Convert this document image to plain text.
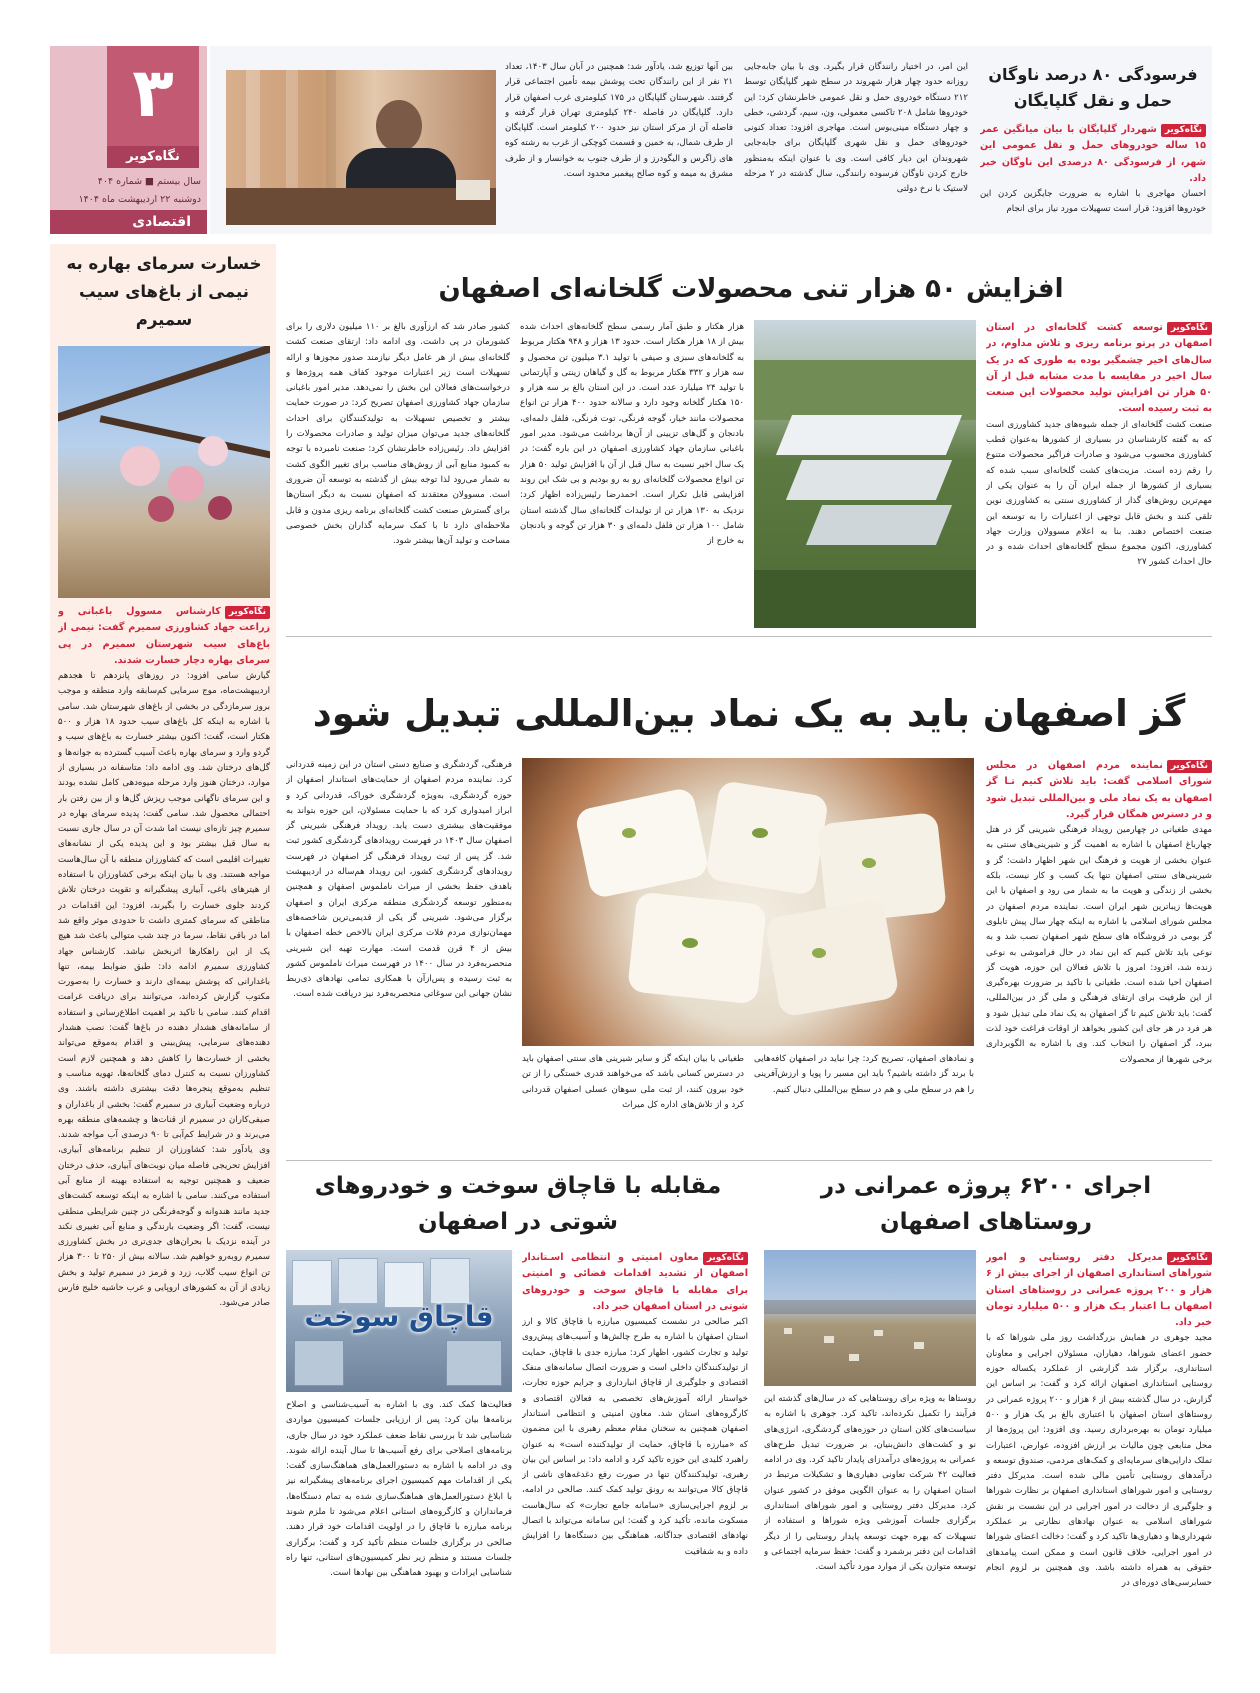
۳
نگاه‌کویر
سال بیستم ■ شماره ۴۰۴
دوشنبه ۲۲ اردیبهشت ماه ۱۴۰۴
اقتصادی
فرسودگی ۸۰ درصد ناوگان حمل و نقل گلپایگان
نگاه‌کویرشهردار گلپایگان با بیان میانگین عمر ۱۵ ساله خودروهای حمل و نقل عمومی این شهر، از فرسودگی ۸۰ درصدی این ناوگان خبر داد.

احسان مهاجری با اشاره به ضرورت جایگزین کردن این خودروها افزود: قرار است تسهیلات مورد نیاز برای انجام

این امر، در اختیار رانندگان قرار بگیرد. وی با بیان جابه‌جایی روزانه حدود چهار هزار شهروند در سطح شهر گلپایگان توسط ۲۱۲ دستگاه خودروی حمل و نقل عمومی خاطرنشان کرد: این خودروها شامل ۲۰۸ تاکسی معمولی، ون، سیم، گردشی، خطی و چهار دستگاه مینی‌بوس است. مهاجری افزود: تعداد کنونی خودروهای حمل و نقل شهری گلپایگان برای جابه‌جایی شهروندان این دیار کافی است. وی با عنوان اینکه به‌منظور خارج کردن ناوگان فرسوده رانندگی، سال گذشته در ۲ مرحله لاستیک با نرخ دولتی
بین آنها توزیع شد، یادآور شد: همچنین در آبان سال ۱۴۰۳، تعداد ۲۱ نفر از این رانندگان تحت پوشش بیمه تأمین اجتماعی قرار گرفتند. شهرستان گلپایگان در ۱۷۵ کیلومتری غرب اصفهان قرار دارد. گلپایگان در فاصله ۲۴۰ کیلومتری تهران قرار گرفته و فاصله آن از مرکز استان نیز حدود ۲۰۰ کیلومتر است. گلپایگان از طرف شمال، به خمین و قسمت کوچکی از غرب به رشته کوه های زاگرس و الیگودرز و از طرف جنوب به خوانسار و از طرف مشرق به میمه و کوه صالح پیغمبر محدود است.
خسارت سرمای بهاره به نیمی از باغ‌های سیب سمیرم
نگاه‌کویرکارشناس مسوول باغبانی و زراعت جهاد کشاورزی سمیرم گفت: نیمی از باغ‌های سیب شهرستان سمیرم در پی سرمای بهاره دچار خسارت شدند.

گیارش سامی افزود: در روزهای پانزدهم تا هجدهم اردیبهشت‌ماه، موج سرمایی کم‌سابقه وارد منطقه و موجب بروز سرمازدگی در بخشی از باغ‌های شهرستان شد. سامی با اشاره به اینکه کل باغ‌های سیب حدود ۱۸ هزار و ۵۰۰ هکتار است، گفت: اکنون بیشتر خسارت به باغ‌های سیب و گردو وارد و سرمای بهاره باعث آسیب گسترده به جوانه‌ها و گل‌های درختان شد. وی ادامه داد: متاسفانه در بسیاری از موارد، درختان هنوز وارد مرحله میوه‌دهی کامل نشده بودند و این سرمای ناگهانی موجب ریزش گل‌ها و از بین رفتن بار احتمالی محصول شد. سامی گفت: پدیده سرمای بهاره در سمیرم چیز تازه‌ای نیست اما شدت آن در سال جاری نسبت به سال قبل بیشتر بود و این پدیده یکی از نشانه‌های تغییرات اقلیمی است که کشاورزان منطقه با آن سال‌هاست مواجه هستند. وی با بیان اینکه برخی کشاورزان با استفاده از هیترهای باغی، آبیاری پیشگیرانه و تقویت درختان تلاش کردند جلوی خسارت را بگیرند، افزود: این اقدامات در مناطقی که سرمای کمتری داشت تا حدودی موثر واقع شد اما در باقی نقاط، سرما در چند شب متوالی باعث شد هیچ یک از این راهکارها اثربخش نباشد. کارشناس جهاد کشاورزی سمیرم ادامه داد: طبق ضوابط بیمه، تنها باغدارانی که پوشش بیمه‌ای دارند و خسارت را به‌صورت مکتوب گزارش کرده‌اند، می‌توانند برای دریافت غرامت اقدام کنند. سامی با تاکید بر اهمیت اطلاع‌رسانی و استفاده از سامانه‌های هشدار دهنده در باغ‌ها گفت: نصب هشدار دهنده‌های سرمایی، پیش‌بینی و اقدام به‌موقع می‌تواند بخشی از خسارت‌ها را کاهش دهد و همچنین لازم است کشاورزان نسبت به کنترل دمای گلخانه‌ها، تهویه مناسب و تنظیم به‌موقع پنجره‌ها دقت بیشتری داشته باشند. وی درباره وضعیت آبیاری در سمیرم گفت: بخشی از باغداران و صیفی‌کاران در سمیرم از قنات‌ها و چشمه‌های منطقه بهره می‌برند و در شرایط کم‌آبی تا ۹۰ درصدی آب مواجه شدند. وی یادآور شد: کشاورزان از تنظیم برنامه‌های آبیاری، افزایش تحریجی فاصله میان نوبت‌های آبیاری، حذف درختان ضعیف و همچنین توجیه به استفاده بهینه از منابع آبی استفاده می‌کنند. سامی با اشاره به اینکه توسعه کشت‌های جدید مانند هندوانه و گوجه‌فرنگی در چنین شرایطی منطقی نیست، گفت: اگر وضعیت بارندگی و منابع آبی تغییری نکند در آینده نزدیک با بحران‌های جدی‌تری در بخش کشاورزی سمیرم روبه‌رو خواهیم شد. سالانه بیش از ۲۵۰ تا ۳۰۰ هزار تن انواع سیب گلاب، زرد و قرمز در سمیرم تولید و بخش زیادی از آن به کشورهای اروپایی و عرب حاشیه خلیج فارس صادر می‌شود.

افزایش ۵۰ هزار تنی محصولات گلخانه‌ای اصفهان
نگاه‌کویرتوسعه کشت گلخانه‌ای در استان اصفهان در پرتو برنامه ریزی و تلاش مداوم، در سال‌های اخیر چشمگیر بوده به طوری که در یک سال اخیر در مقایسه با مدت مشابه قبل از آن ۵۰ هزار تن افزایش تولید محصولات این صنعت به ثبت رسیده است.

صنعت کشت گلخانه‌ای از جمله شیوه‌های جدید کشاورزی است که به گفته کارشناسان در بسیاری از کشورها به‌عنوان قطب کشاورزی محسوب می‌شود و صادرات فراگیر محصولات متنوع را رقم زده است. مزیت‌های کشت گلخانه‌ای سبب شده که بسیاری از کشورها از جمله ایران آن را به عنوان یکی از مهم‌ترین روش‌های گذار از کشاورزی سنتی به کشاورزی نوین تلقی کنند و بخش قابل توجهی از اعتبارات را به توسعه این صنعت اختصاص دهند. بنا به اعلام مسوولان وزارت جهاد کشاورزی، اکنون مجموع سطح گلخانه‌های احداث شده و در حال احداث کشور ۲۷

هزار هکتار و طبق آمار رسمی سطح گلخانه‌های احداث شده بیش از ۱۸ هزار هکتار است. حدود ۱۳ هزار و ۹۴۸ هکتار مربوط به گلخانه‌های سبزی و صیفی با تولید ۳.۱ میلیون تن محصول و سه هزار و ۳۳۲ هکتار مربوط به گل و گیاهان زینتی و آپارتمانی با تولید ۲۴ میلیارد عدد است. در این استان بالغ بر سه هزار و ۱۵۰ هکتار گلخانه وجود دارد و سالانه حدود ۴۰۰ هزار تن انواع محصولات مانند خیار، گوجه فرنگی، توت فرنگی، فلفل دلمه‌ای، بادنجان و گل‌های تزیینی از آن‌ها برداشت می‌شود. مدیر امور باغبانی سازمان جهاد کشاورزی اصفهان در این باره گفت: در یک سال اخیر نسبت به سال قبل از آن با افزایش تولید ۵۰ هزار تن انواع محصولات گلخانه‌ای رو به رو بودیم و بی شک این روند افزایشی قابل تکرار است. احمدرضا رئیس‌زاده اظهار کرد: نزدیک به ۱۳۰ هزار تن از تولیدات گلخانه‌ای سال گذشته استان شامل ۱۰۰ هزار تن فلفل دلمه‌ای و ۳۰ هزار تن گوجه و بادنجان به خارج از
کشور صادر شد که ارزآوری بالغ بر ۱۱۰ میلیون دلاری را برای کشورمان در پی داشت. وی ادامه داد: ارتقای صنعت کشت گلخانه‌ای بیش از هر عامل دیگر نیازمند صدور مجوزها و ارائه تسهیلات است زیر اعتبارات موجود کفاف همه پروژه‌ها و درخواست‌های فعالان این بخش را نمی‌دهد. مدیر امور باغبانی سازمان جهاد کشاورزی اصفهان تصریح کرد: در صورت حمایت بیشتر و تخصیص تسهیلات به تولیدکنندگان برای احداث گلخانه‌های جدید می‌توان میزان تولید و صادرات محصولات را افزایش داد. رئیس‌زاده خاطرنشان کرد: صنعت نامبرده با توجه به کمبود منابع آبی از روش‌های مناسب برای تغییر الگوی کشت به شمار می‌رود لذا توجه بیش از گذشته به توسعه آن ضروری است. مسوولان معتقدند که اصفهان نسبت به دیگر استان‌ها برای گسترش صنعت کشت گلخانه‌ای برنامه ریزی مدون و قابل ملاحظه‌ای دارد تا با کمک سرمایه گذاران بخش خصوصی مساحت و تولید آن‌ها بیشتر شود.
گز اصفهان باید به یک نماد بین‌المللی تبدیل شود
نگاه‌کویرنماینده مردم اصفهان در مجلس شورای اسلامی گفت: باید تلاش کنیم تـا گز اصفهان به یک نماد ملی و بین‌المللی تبدیل شود و در دسترس همگان قرار گیرد.

مهدی طغیانی در چهارمین رویداد فرهنگی شیرینی گز در هتل چهارباغ اصفهان با اشاره به اهمیت گز و شیرینی‌های سنتی به عنوان بخشی از هویت و فرهنگ این شهر اظهار داشت: گز و شیرینی‌های سنتی اصفهان تنها یک کسب و کار نیست، بلکه بخشی از زندگی و هویت ما به شمار می رود و اصفهان با این هویت‌ها زیباترین شهر ایران است. نماینده مردم اصفهان در مجلس شورای اسلامی با اشاره به اینکه چهار سال پیش تابلوی گز بومی در فروشگاه های سطح شهر اصفهان نصب شد و به نوعی باید تلاش کنیم که این نماد در حال فراموشی به نوعی زنده شد، افزود: امروز با تلاش فعالان این حوزه، هویت گز اصفهان احیا شده است. طغیانی با تاکید بر ضرورت بهره‌گیری از این ظرفیت برای ارتقای فرهنگی و ملی گز در بین‌المللی، گفت: باید تلاش کنیم تا گز اصفهان به یک نماد ملی تبدیل شود و هر فرد در هر جای این کشور بخواهد از اوقات فراغت خود لذت ببرد، گز اصفهان را انتخاب کند. وی با اشاره به الگوبرداری برخی شهرها از محصولات

و نمادهای اصفهان، تصریح کرد: چرا نباید در اصفهان کافه‌هایی با برند گز داشته باشیم؟ باید این مسیر را پویا و ارزش‌آفرینی را هم در سطح ملی و هم در سطح بین‌المللی دنبال کنیم.
طغیانی با بیان اینکه گز و سایر شیرینی های سنتی اصفهان باید در دسترس کسانی باشد که می‌خواهند قدری خستگی را از تن خود بیرون کنند، از ثبت ملی سوهان عسلی اصفهان قدردانی کرد و از تلاش‌های اداره کل میراث
فرهنگی، گردشگری و صنایع دستی استان در این زمینه قدردانی کرد. نماینده مردم اصفهان از حمایت‌های استاندار اصفهان از حوزه گردشگری، به‌ویژه گردشگری خوراک، قدردانی کرد و ابراز امیدواری کرد که با حمایت مسئولان، این حوزه بتواند به موفقیت‌های بیشتری دست یابد. رویداد فرهنگی شیرینی گز اصفهان سال ۱۴۰۳ در فهرست رویدادهای گردشگری کشور ثبت شد. گز پس از ثبت رویداد فرهنگی گز اصفهان در فهرست رویدادهای گردشگری کشور، این رویداد هم‌ساله در اردیبهشت باهدف حفظ بخشی از میراث ناملموس اصفهان و همچنین به‌منظور توسعه گردشگری منطقه مرکزی ایران و اصفهان برگزار می‌شود. شیرینی گز یکی از قدیمی‌ترین شاخصه‌های مهمان‌نوازی مردم فلات مرکزی ایران بالاخص خطه اصفهان با بیش از ۴ قرن قدمت است. مهارت تهیه این شیرینی منحصربه‌فرد در سال ۱۴۰۰ در فهرست میراث ناملموس کشور به ثبت رسیده و پس‌ازآن با همکاری تمامی نهادهای ذی‌ربط نشان جهانی این سوغاتی منحصربه‌فرد نیز دریافت شده است.
اجرای ۶۲۰۰ پروژه عمرانی در روستاهای اصفهان
نگاه‌کویرمدیرکل دفتر روستایی و امور شوراهای استانداری اصفهان از اجرای بیش از ۶ هزار و ۲۰۰ پروژه عمرانی در روستاهای استان اصفهان بـا اعتبار یـک هزار و ۵۰۰ میلیارد تومان خبر داد.

مجید جوهری در همایش بزرگداشت روز ملی شوراها که با حضور اعضای شوراها، دهیاران، مسئولان اجرایی و معاونان استانداری، برگزار شد گزارشی از عملکرد یکساله حوزه روستایی استانداری اصفهان ارائه کرد و گفت: بر اساس این گزارش، در سال گذشته بیش از ۶ هزار و ۲۰۰ پروژه عمرانی در روستاهای استان اصفهان با اعتباری بالغ بر یک هزار و ۵۰۰ میلیارد تومان به بهره‌برداری رسید. وی افزود: این پروژه‌ها از محل منابعی چون مالیات بر ارزش افزوده، عوارض، اعتبارات تملک دارایی‌های سرمایه‌ای و کمک‌های مردمی، صندوق توسعه و درآمدهای روستایی تأمین مالی شده است. مدیرکل دفتر روستایی و امور شوراهای استانداری اصفهان بر نظارت شوراها و جلوگیری از دخالت در امور اجرایی در این نشست بر نقش شوراهای اسلامی به عنوان نهادهای نظارتی بر عملکرد شهرداری‌ها و دهیاری‌ها تاکید کرد و گفت: دخالت اعضای شوراها در امور اجرایی، خلاف قانون است و ممکن است پیامدهای حقوقی به همراه داشته باشد. وی همچنین بر لزوم انجام حسابرسی‌های دوره‌ای در

روستاها به ویژه برای روستاهایی که در سال‌های گذشته این فرآیند را تکمیل نکرده‌اند، تاکید کرد. جوهری با اشاره به سیاست‌های کلان استان در حوزه‌های گردشگری، انرژی‌های نو و کشت‌های دانش‌بنیان، بر ضرورت تبدیل طرح‌های عمرانی به پروژه‌های درآمدزای پایدار تاکید کرد. وی در ادامه فعالیت ۴۲ شرکت تعاونی دهیاری‌ها و تشکیلات مرتبط در استان اصفهان را به عنوان الگویی موفق در کشور عنوان کرد. مدیرکل دفتر روستایی و امور شوراهای استانداری برگزاری جلسات آموزشی ویژه شوراها و استفاده از تسهیلات که بهره جهت توسعه پایدار روستایی را از دیگر اقدامات این دفتر برشمرد و گفت: حفظ سرمایه اجتماعی و توسعه متوازن یکی از موارد مورد تأکید است.
مقابله با قاچاق سوخت و خودروهای شوتی در اصفهان
نگاه‌کویرمعاون امنیتی و انتظامی اسـتاندار اصفهان از تشدید اقدامات قضائی و امنیتی برای مقابله با قاچاق سوخت و خودروهای شوتی در استان اصفهان خبر داد.

اکبر صالحی در نشست کمیسیون مبارزه با قاچاق کالا و ارز استان اصفهان با اشاره به طرح چالش‌ها و آسیب‌های پیش‌روی تولید و تجارت کشور، اظهار کرد: مبارزه جدی با قاچاق، حمایت از تولیدکنندگان داخلی است و ضرورت اتصال سامانه‌های منفک اقتصادی و جلوگیری از قاچاق انبارداری و جرایم حوزه تجارت، خواستار ارائه آموزش‌های تخصصی به فعالان اقتصادی و کارگروه‌های استان شد. معاون امنیتی و انتظامی استاندار اصفهان همچنین به سخنان مقام معظم رهبری با این مضمون که «مبارزه با قاچاق، حمایت از تولیدکننده است» به عنوان راهبرد کلیدی این حوزه تاکید کرد و ادامه داد: بر اساس این بیان رهبری، تولیدکنندگان تنها در صورت رفع دغدغه‌های ناشی از قاچاق کالا می‌توانند به رونق تولید کمک کنند. صالحی در ادامه، بر لزوم اجرایی‌سازی «سامانه جامع تجارت» که سال‌هاست مسکوت مانده، تأکید کرد و گفت: این سامانه می‌تواند با اتصال نهادهای اقتصادی جداگانه، هماهنگی بین دستگاه‌ها را افزایش داده و به شفافیت

قاچاق سوخت
فعالیت‌ها کمک کند. وی با اشاره به آسیب‌شناسی و اصلاح برنامه‌ها بیان کرد: پس از ارزیابی جلسات کمیسیون مواردی شناسایی شد تا بررسی نقاط ضعف عملکرد خود در سال جاری، برنامه‌های اصلاحی برای رفع آسیب‌ها تا سال آینده ارائه شوند. وی در ادامه با اشاره به دستورالعمل‌های هماهنگ‌سازی گفت: یکی از اقدامات مهم کمیسیون اجرای برنامه‌های پیشگیرانه نیز با ابلاغ دستورالعمل‌های هماهنگ‌سازی شده به تمام دستگاه‌ها، فرمانداران و کارگروه‌های استانی اعلام می‌شود تا ملزم شوند برنامه مبارزه با قاچاق را در اولویت اقدامات خود قرار دهند. صالحی در برگزاری جلسات منظم تأکید کرد و گفت: برگزاری جلسات مستند و منظم زیر نظر کمیسیون‌های استانی، تنها راه شناسایی ایرادات و بهبود هماهنگی بین نهادها است.
